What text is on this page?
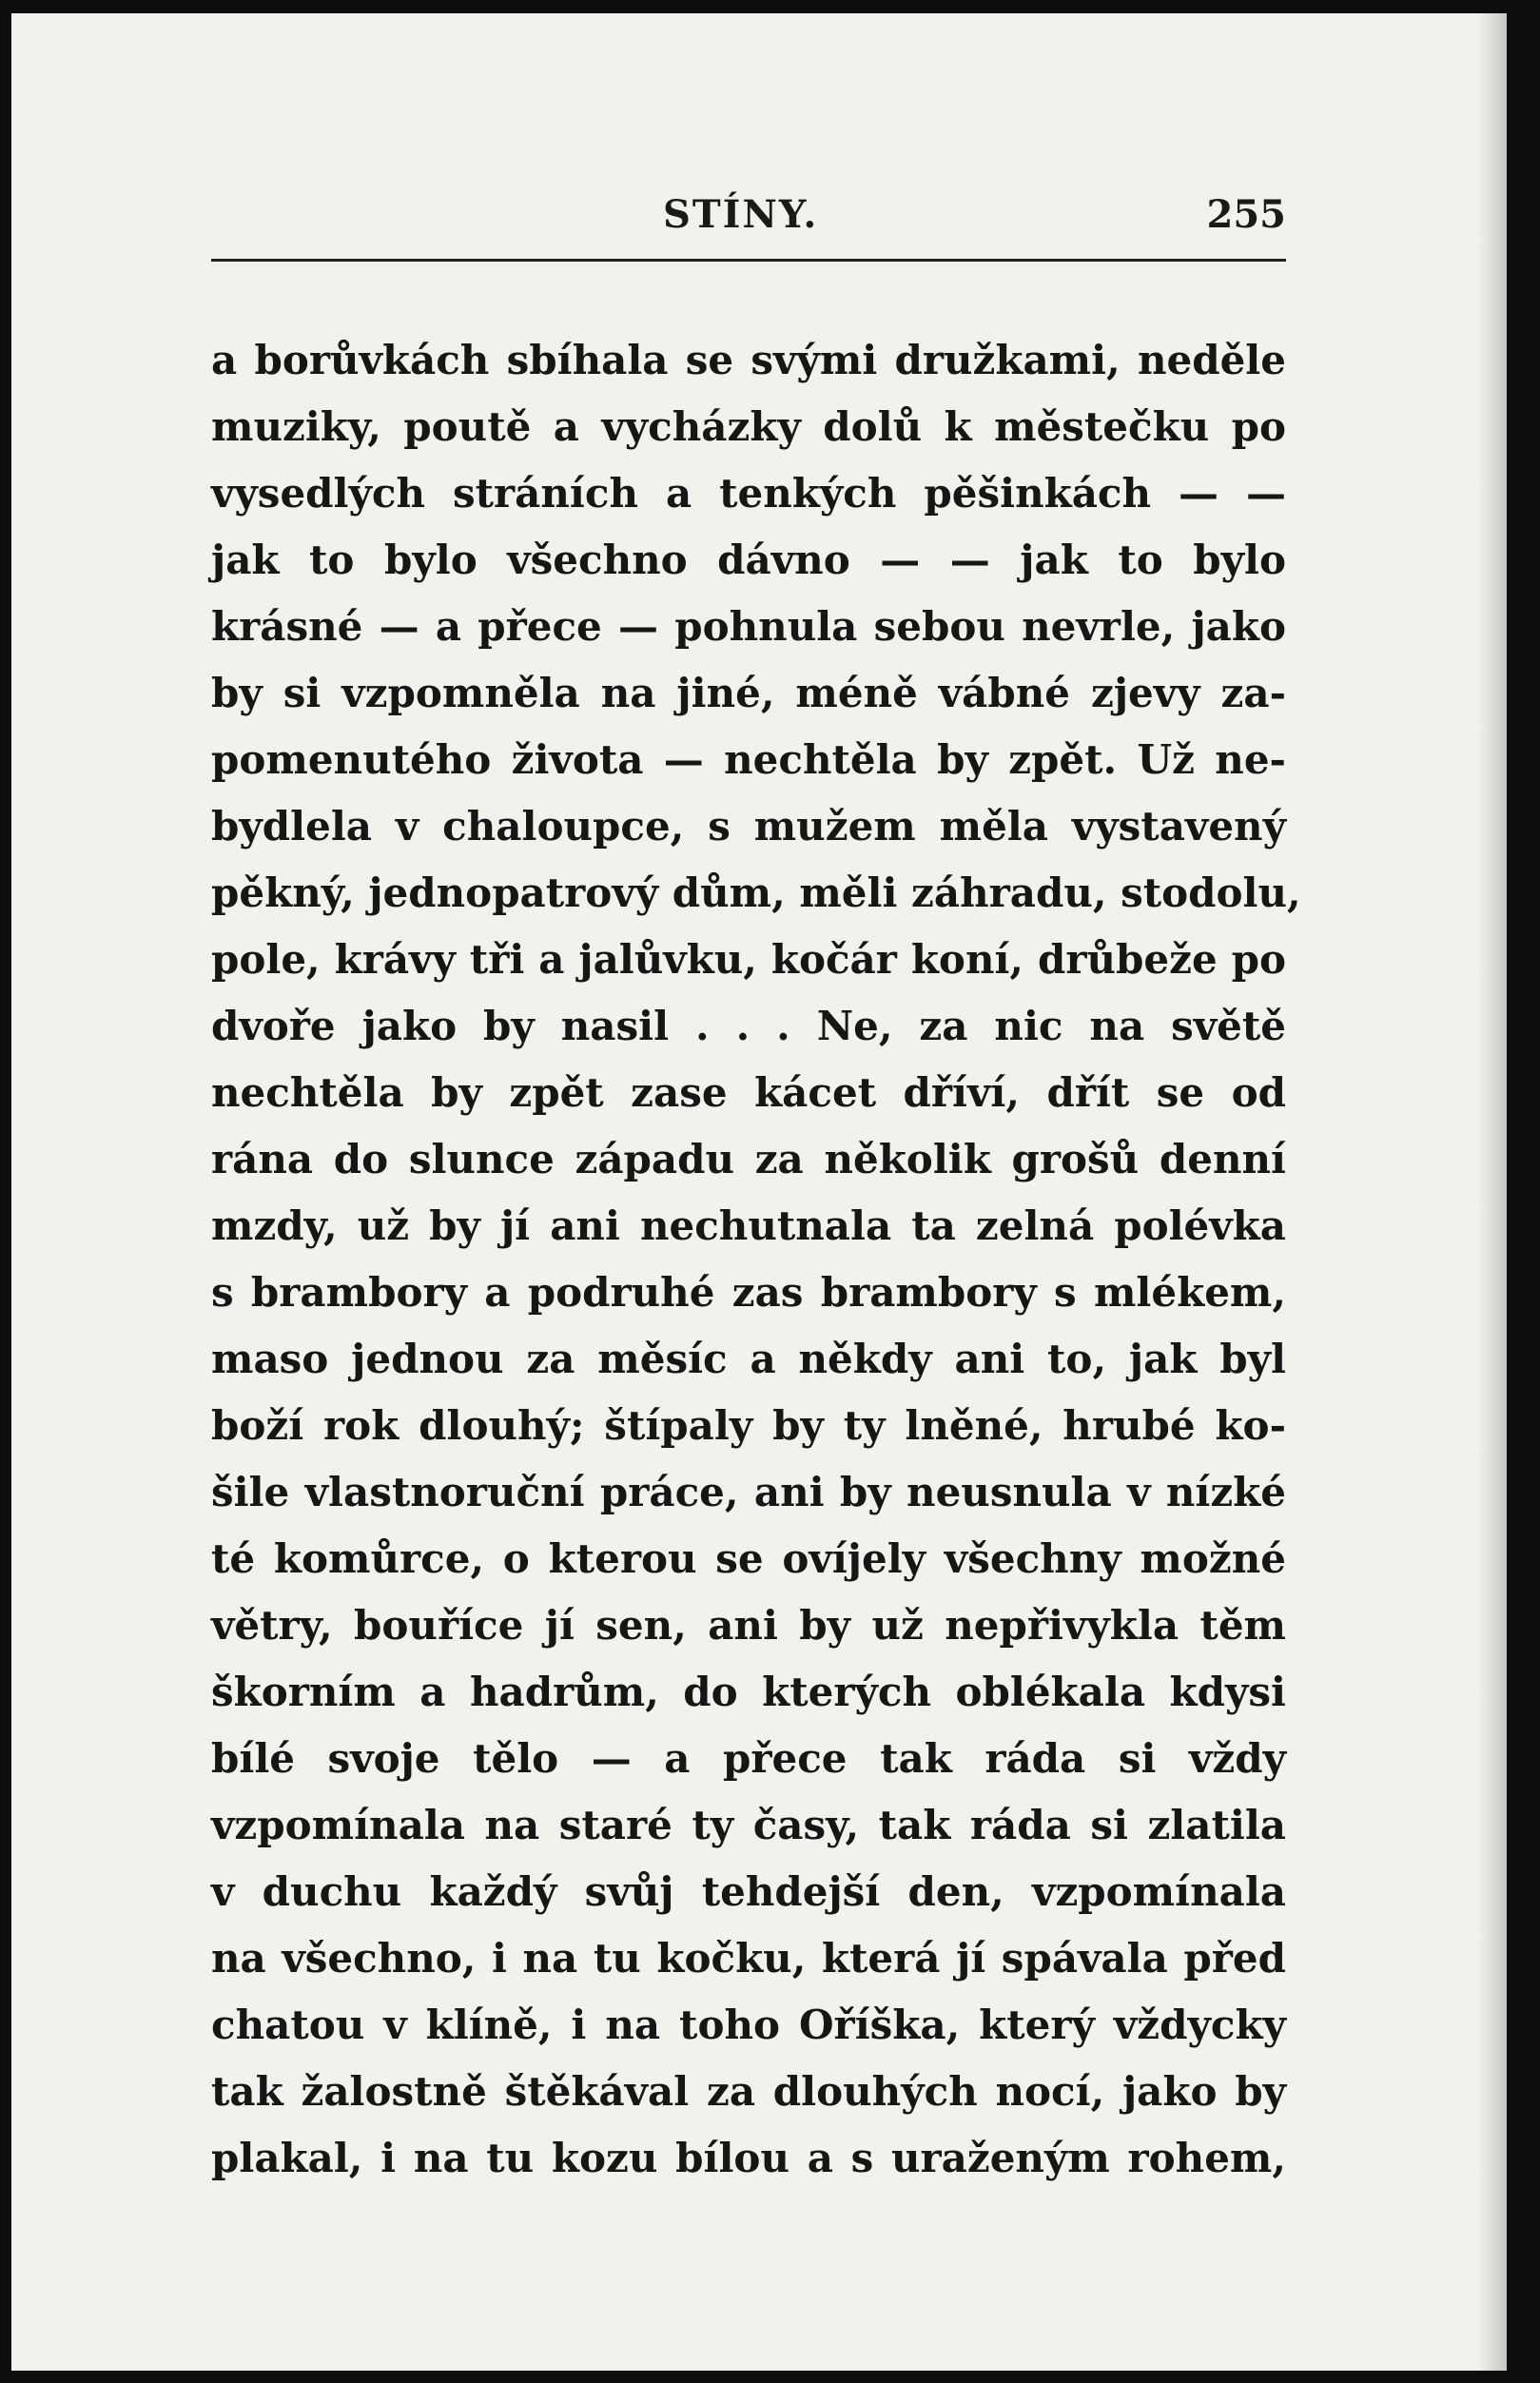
STÍNY.	255
a borůvkách sbíhala se svými družkami, neděle
muziky, poutě a vycházky dolů k městečku po
vysedlých stráních a tenkých pěšinkách — —
jak to bylo všechno dávno — — jak to bylo
krásné — a přece — pohnula sebou nevrle, jako
by si vzpomněla na jiné, méně vábné zjevy za-
pomenutého života — nechtěla by zpět. Už ne-
bydlela v chaloupce, s mužem měla vystavený
pěkný, jednopatrový dům, měli záhradu, stodolu,
pole, krávy tři a jalůvku, kočár koní, drůbeže po
dvoře jako by nasil . . . Ne, za nic na světě
nechtěla by zpět zase kácet dříví, dřít se od
rána do slunce západu za několik grošů denní
mzdy, už by jí ani nechutnala ta zelná polévka
s brambory a podruhé zas brambory s mlékem,
maso jednou za měsíc a někdy ani to, jak byl
boží rok dlouhý; štípaly by ty lněné, hrubé ko-
šile vlastnoruční práce, ani by neusnula v nízké
té komůrce, o kterou se ovíjely všechny možné
větry, bouříce jí sen, ani by už nepřivykla těm
škorním a hadrům, do kterých oblékala kdysi
bílé svoje tělo — a přece tak ráda si vždy
vzpomínala na staré ty časy, tak ráda si zlatila
v duchu každý svůj tehdejší den, vzpomínala
na všechno, i na tu kočku, která jí spávala před
chatou v klíně, i na toho Oříška, který vždycky
tak žalostně štěkával za dlouhých nocí, jako by
plakal, i na tu kozu bílou a s uraženým rohem,
